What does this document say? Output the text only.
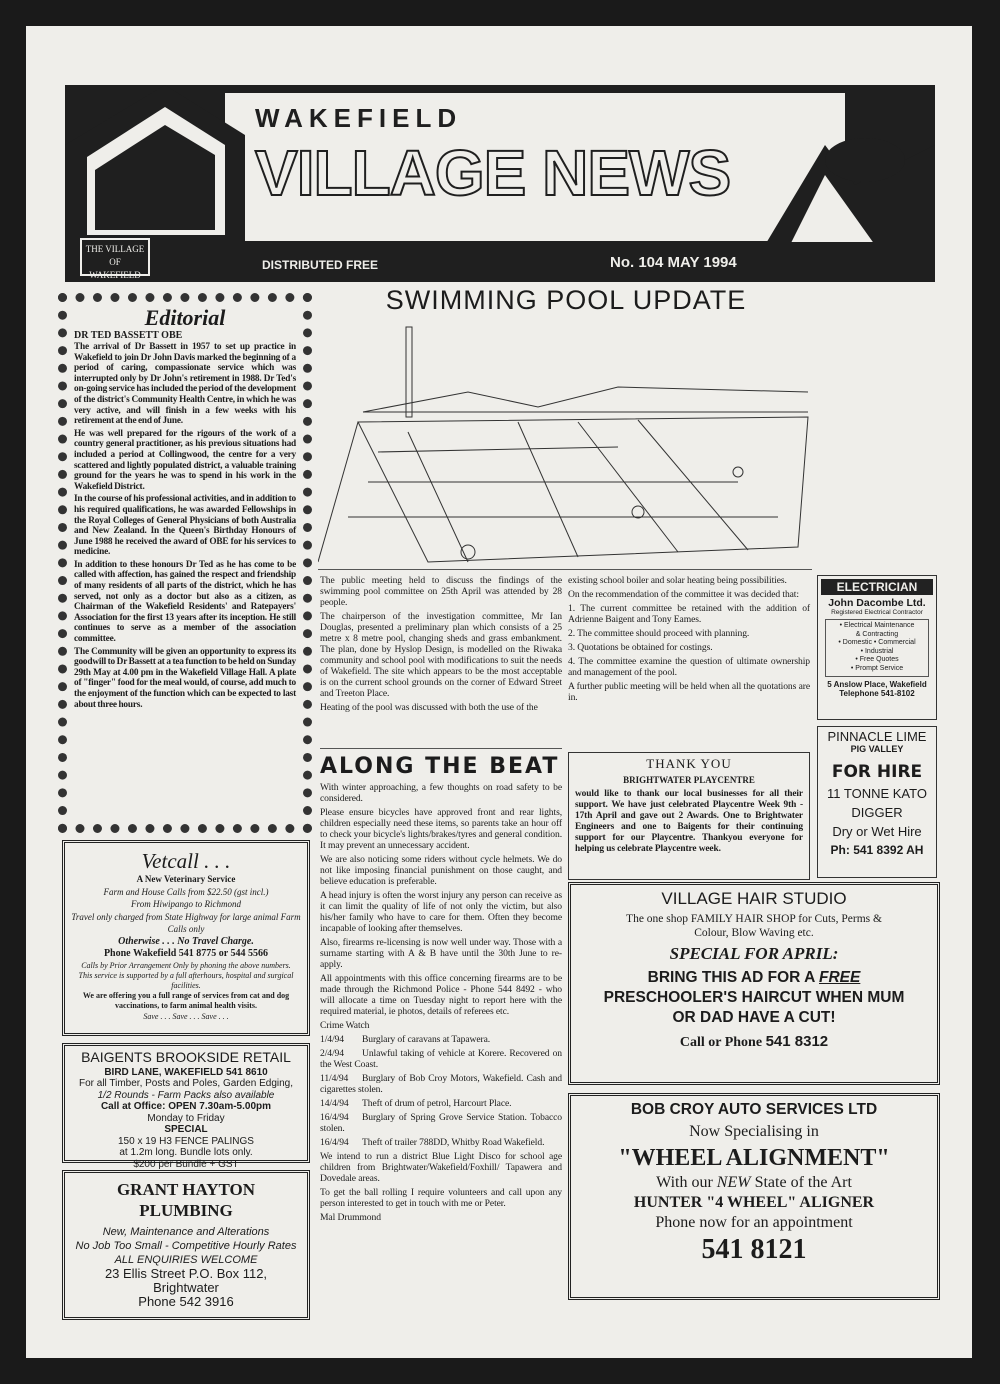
WAKEFIELD
VILLAGE NEWS
THE VILLAGE OF
WAKEFIELD
DISTRIBUTED FREE	No. 104 MAY 1994
Editorial
DR TED BASSETT OBE

The arrival of Dr Bassett in 1957 to set up practice in Wakefield to join Dr John Davis marked the beginning of a period of caring, compassionate service which was interrupted only by Dr John's retirement in 1988. Dr Ted's on-going service has included the period of the development of the district's Community Health Centre, in which he was very active, and will finish in a few weeks with his retirement at the end of June.

He was well prepared for the rigours of the work of a country general practitioner, as his previous situations had included a period at Collingwood, the centre for a very scattered and lightly populated district, a valuable training ground for the years he was to spend in his work in the Wakefield District.

In the course of his professional activities, and in addition to his required qualifications, he was awarded Fellowships in the Royal Colleges of General Physicians of both Australia and New Zealand. In the Queen's Birthday Honours of June 1988 he received the award of OBE for his services to medicine.

In addition to these honours Dr Ted as he has come to be called with affection, has gained the respect and friendship of many residents of all parts of the district, which he has served, not only as a doctor but also as a citizen, as Chairman of the Wakefield Residents' and Ratepayers' Association for the first 13 years after its inception. He still continues to serve as a member of the association committee.

The Community will be given an opportunity to express its goodwill to Dr Bassett at a tea function to be held on Sunday 29th May at 4.00 pm in the Wakefield Village Hall. A plate of "finger" food for the meal would, of course, add much to the enjoyment of the function which can be expected to last about three hours.

Vetcall . . .
A New Veterinary Service
Farm and House Calls from $22.50 (gst incl.)
From Hiwipango to Richmond
Travel only charged from State Highway for large animal Farm Calls only
Otherwise . . . No Travel Charge.
Phone Wakefield 541 8775 or 544 5566
Calls by Prior Arrangement Only by phoning the above numbers.
This service is supported by a full afterhours, hospital and surgical facilities.
We are offering you a full range of services from cat and dog vaccinations, to farm animal health visits.
Save . . . Save . . . Save . . .
BAIGENTS BROOKSIDE RETAIL
BIRD LANE, WAKEFIELD 541 8610
For all Timber, Posts and Poles, Garden Edging,
1/2 Rounds - Farm Packs also available
Call at Office: OPEN 7.30am-5.00pm
Monday to Friday
SPECIAL
150 x 19 H3 FENCE PALINGS
at 1.2m long. Bundle lots only.
$200 per Bundle + GST
GRANT HAYTON PLUMBING
New, Maintenance and Alterations
No Job Too Small - Competitive Hourly Rates
ALL ENQUIRIES WELCOME
23 Ellis Street P.O. Box 112,
Brightwater
Phone 542 3916
SWIMMING POOL UPDATE

The public meeting held to discuss the findings of the swimming pool committee on 25th April was attended by 28 people.

The chairperson of the investigation committee, Mr Ian Douglas, presented a preliminary plan which consists of a 25 metre x 8 metre pool, changing sheds and grass embankment. The plan, done by Hyslop Design, is modelled on the Riwaka community and school pool with modifications to suit the needs of Wakefield. The site which appears to be the most acceptable is on the current school grounds on the corner of Edward Street and Treeton Place.

Heating of the pool was discussed with both the use of the

existing school boiler and solar heating being possibilities.

On the recommendation of the committee it was decided that:

1. The current committee be retained with the addition of Adrienne Baigent and Tony Eames.

2. The committee should proceed with planning.

3. Quotations be obtained for costings.

4. The committee examine the question of ultimate ownership and management of the pool.

A further public meeting will be held when all the quotations are in.

ALONG THE BEAT

With winter approaching, a few thoughts on road safety to be considered.

Please ensure bicycles have approved front and rear lights, children especially need these items, so parents take an hour off to check your bicycle's lights/brakes/tyres and general condition. It may prevent an unnecessary accident.

We are also noticing some riders without cycle helmets. We do not like imposing financial punishment on those caught, and believe education is preferable.

A head injury is often the worst injury any person can receive as it can limit the quality of life of not only the victim, but also his/her family who have to care for them. Often they become incapable of looking after themselves.

Also, firearms re-licensing is now well under way. Those with a surname starting with A & B have until the 30th June to re-apply.

All appointments with this office concerning firearms are to be made through the Richmond Police - Phone 544 8492 - who will allocate a time on Tuesday night to report here with the required material, ie photos, details of referees etc.

Crime Watch

1/4/94 Burglary of caravans at Tapawera.

2/4/94 Unlawful taking of vehicle at Korere. Recovered on the West Coast.

11/4/94 Burglary of Bob Croy Motors, Wakefield. Cash and cigarettes stolen.

14/4/94 Theft of drum of petrol, Harcourt Place.

16/4/94 Burglary of Spring Grove Service Station. Tobacco stolen.

16/4/94 Theft of trailer 788DD, Whitby Road Wakefield.

We intend to run a district Blue Light Disco for school age children from Brightwater/Wakefield/Foxhill/ Tapawera and Dovedale areas.

To get the ball rolling I require volunteers and call upon any person interested to get in touch with me or Peter.

Mal Drummond

THANK YOU
BRIGHTWATER PLAYCENTRE
would like to thank our local businesses for all their support. We have just celebrated Playcentre Week 9th - 17th April and gave out 2 Awards. One to Brightwater Engineers and one to Baigents for their continuing support for our Playcentre. Thankyou everyone for helping us celebrate Playcentre week.
ELECTRICIAN
John Dacombe Ltd.
Registered Electrical Contractor
• Electrical Maintenance
& Contracting
• Domestic • Commercial
• Industrial
• Free Quotes
• Prompt Service
5 Anslow Place, Wakefield
Telephone 541-8102
PINNACLE LIME
PIG VALLEY
FOR HIRE
11 TONNE KATO
DIGGER
Dry or Wet Hire
Ph: 541 8392 AH
VILLAGE HAIR STUDIO
The one shop FAMILY HAIR SHOP for Cuts, Perms & Colour, Blow Waving etc.
SPECIAL FOR APRIL:
BRING THIS AD FOR A FREE PRESCHOOLER'S HAIRCUT WHEN MUM OR DAD HAVE A CUT!
Call or Phone 541 8312
BOB CROY AUTO SERVICES LTD
Now Specialising in
"WHEEL ALIGNMENT"
With our NEW State of the Art
HUNTER "4 WHEEL" ALIGNER
Phone now for an appointment
541 8121
